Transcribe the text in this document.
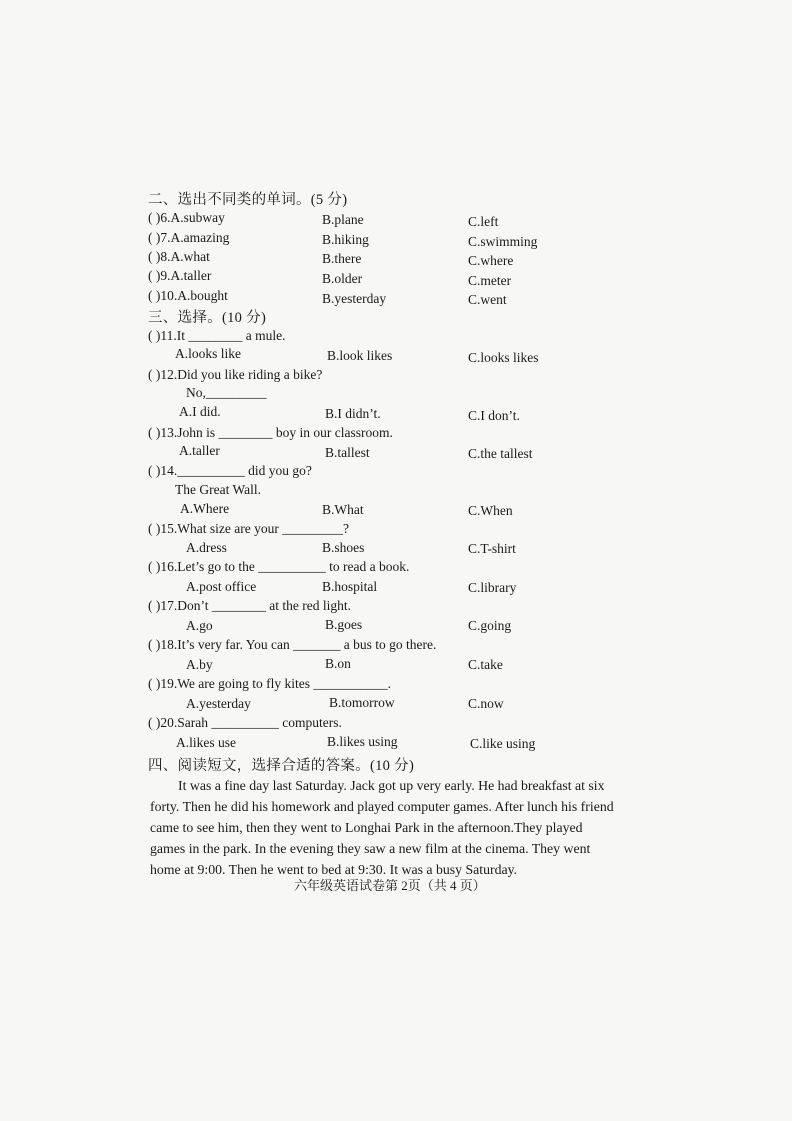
二、选出不同类的单词。(5 分)
( )6.A.subway	B.plane	C.left
( )7.A.amazing	B.hiking	C.swimming
( )8.A.what	B.there	C.where
( )9.A.taller	B.older	C.meter
( )10.A.bought	B.yesterday	C.went
三、选择。(10 分)
( )11.It ________ a mule.
A.looks like	B.look likes	C.looks likes
( )12.Did you like riding a bike?
No,_________
A.I did.	B.I didn’t.	C.I don’t.
( )13.John is ________ boy in our classroom.
A.taller	B.tallest	C.the tallest
( )14.__________ did you go?
The Great Wall.
A.Where	B.What	C.When
( )15.What size are your _________?
A.dress	B.shoes	C.T-shirt
( )16.Let’s go to the __________ to read a book.
A.post office	B.hospital	C.library
( )17.Don’t ________ at the red light.
A.go	B.goes	C.going
( )18.It’s very far. You can _______ a bus to go there.
A.by	B.on	C.take
( )19.We are going to fly kites ___________.
A.yesterday	B.tomorrow	C.now
( )20.Sarah __________ computers.
A.likes use	B.likes using	C.like using
四、阅读短文，选择合适的答案。(10 分)
It was a fine day last Saturday. Jack got up very early. He had breakfast at six forty. Then he did his homework and played computer games. After lunch his friend came to see him, then they went to Longhai Park in the afternoon.They played games in the park. In the evening they saw a new film at the cinema. They went home at 9:00. Then he went to bed at 9:30. It was a busy Saturday.
六年级英语试卷第 2页（共 4 页）
